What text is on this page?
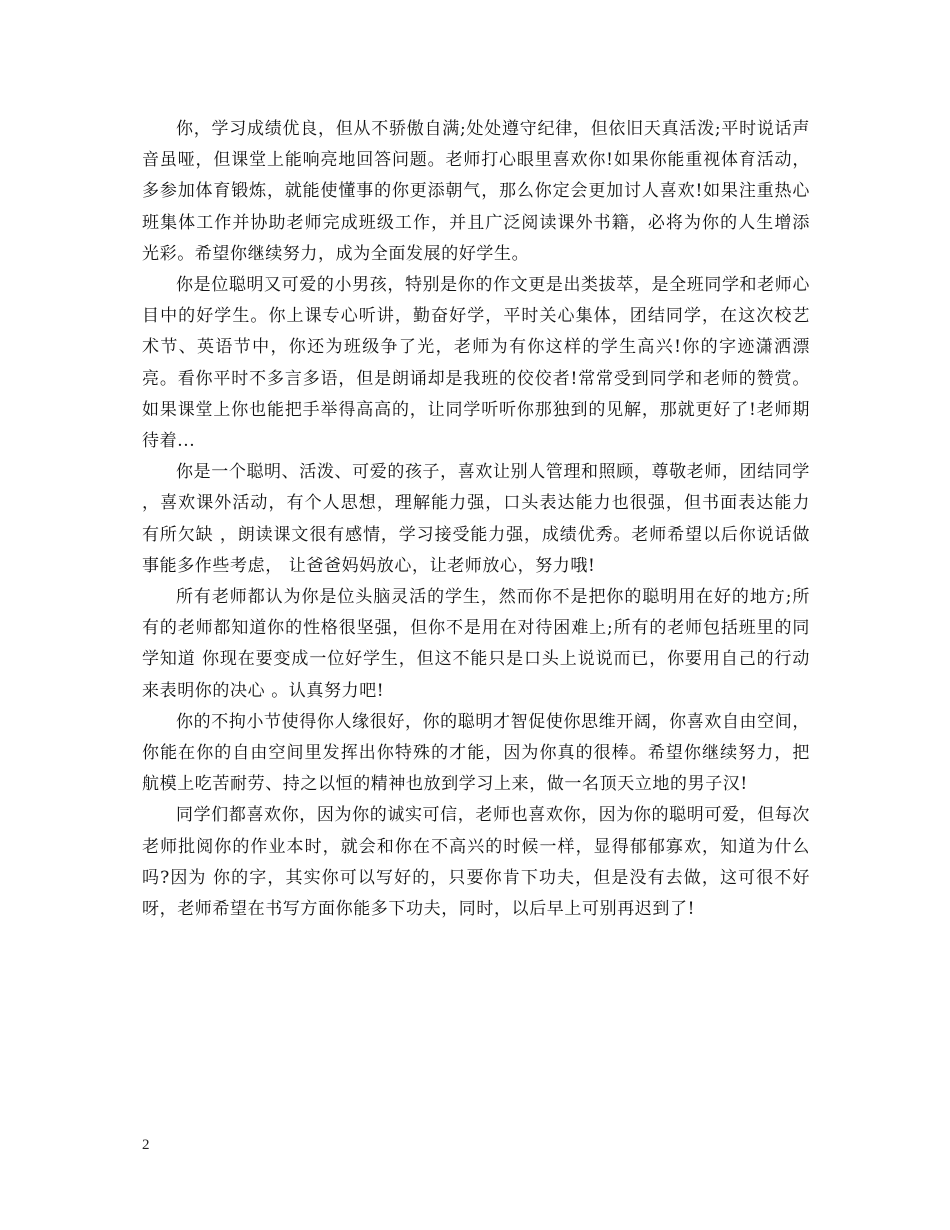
你，学习成绩优良，但从不骄傲自满;处处遵守纪律，但依旧天真活泼;平时说话声音虽哑，但课堂上能响亮地回答问题。老师打心眼里喜欢你!如果你能重视体育活动，多参加体育锻炼，就能使懂事的你更添朝气，那么你定会更加讨人喜欢!如果注重热心班集体工作并协助老师完成班级工作，并且广泛阅读课外书籍，必将为你的人生增添光彩。希望你继续努力，成为全面发展的好学生。

你是位聪明又可爱的小男孩，特别是你的作文更是出类拔萃，是全班同学和老师心目中的好学生。你上课专心听讲，勤奋好学，平时关心集体，团结同学，在这次校艺术节、英语节中，你还为班级争了光，老师为有你这样的学生高兴!你的字迹潇洒漂亮。看你平时不多言多语，但是朗诵却是我班的佼佼者!常常受到同学和老师的赞赏。如果课堂上你也能把手举得高高的，让同学听听你那独到的见解，那就更好了!老师期待着...

你是一个聪明、活泼、可爱的孩子，喜欢让别人管理和照顾，尊敬老师，团结同学 ，喜欢课外活动，有个人思想，理解能力强，口头表达能力也很强，但书面表达能力有所欠缺 ，朗读课文很有感情，学习接受能力强，成绩优秀。老师希望以后你说话做事能多作些考虑， 让爸爸妈妈放心，让老师放心，努力哦!

所有老师都认为你是位头脑灵活的学生，然而你不是把你的聪明用在好的地方;所 有的老师都知道你的性格很坚强，但你不是用在对待困难上;所有的老师包括班里的同学知道 你现在要变成一位好学生，但这不能只是口头上说说而已，你要用自己的行动来表明你的决心 。认真努力吧!

你的不拘小节使得你人缘很好，你的聪明才智促使你思维开阔，你喜欢自由空间， 你能在你的自由空间里发挥出你特殊的才能，因为你真的很棒。希望你继续努力，把航模上吃苦耐劳、持之以恒的精神也放到学习上来，做一名顶天立地的男子汉!

同学们都喜欢你，因为你的诚实可信，老师也喜欢你，因为你的聪明可爱，但每次 老师批阅你的作业本时，就会和你在不高兴的时候一样，显得郁郁寡欢，知道为什么吗?因为 你的字，其实你可以写好的，只要你肯下功夫，但是没有去做，这可很不好呀，老师希望在书写方面你能多下功夫，同时，以后早上可别再迟到了!

2
